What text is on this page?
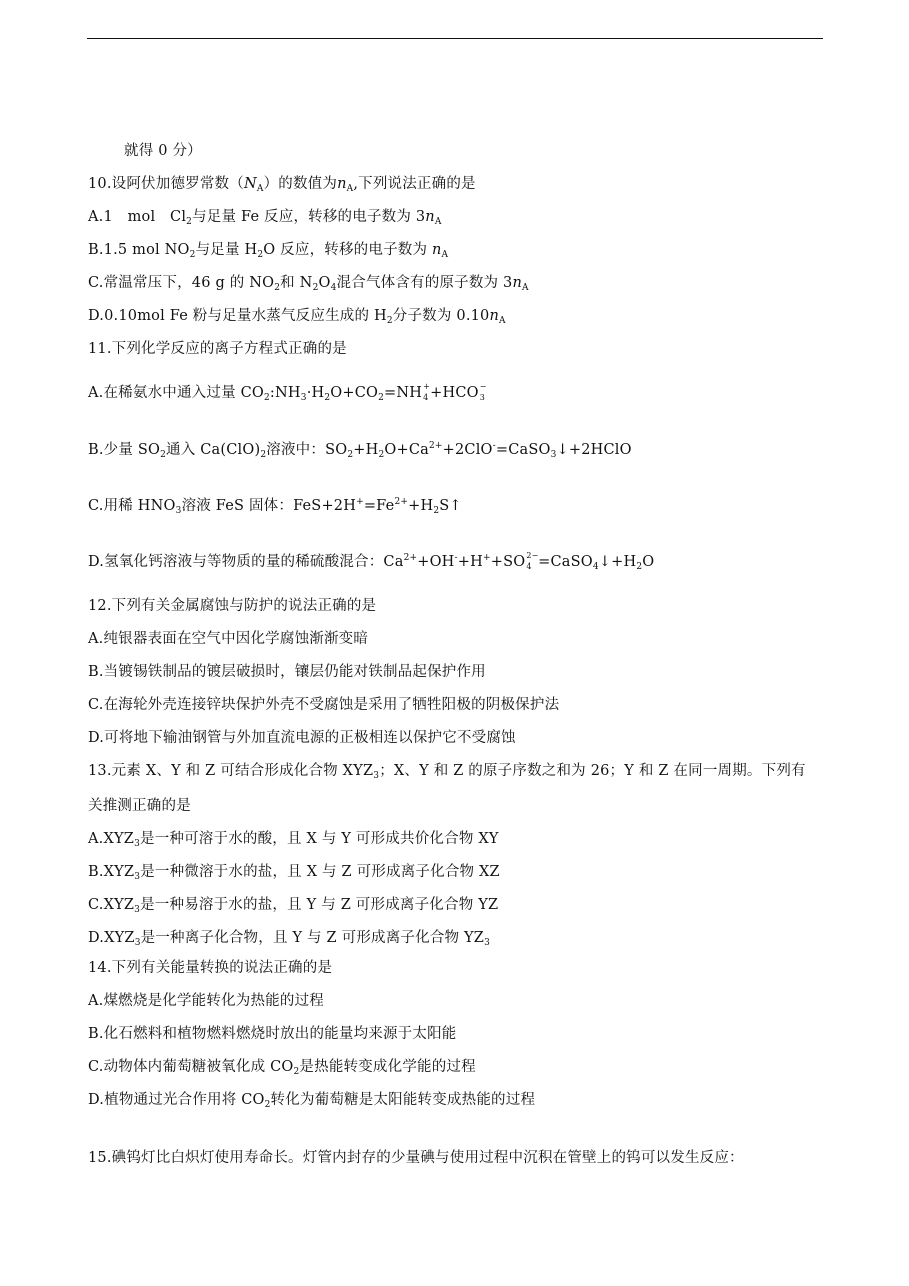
就得 0 分）
10.设阿伏加德罗常数$(N_A)$的数值为$n_A$,下列说法正确的是
A.1　mol　$Cl_2$与足量 Fe 反应，转移的电子数为 $3n_A$
B.1.5 mol $NO_2$与足量 $H_2O$ 反应，转移的电子数为 $n_A$
C.常温常压下，46 g 的 $NO_2$和 $N_2O_4$混合气体含有的原子数为 $3n_A$
D.0.10mol Fe 粉与足量水蒸气反应生成的 $H_2$分子数为 $0.10n_A$
11.下列化学反应的离子方程式正确的是
A.在稀氨水中通入过量 $CO_2:NH_3\cdot H_2O+CO_2=NH$ +
4 +HCO −
3
B.少量 $SO_2$通入 $Ca(ClO)_2$溶液中：$SO_2+H_2O+Ca^{2+}+2ClO^-=CaSO_3↓+2HClO$
C.用稀 $HNO_3$溶液 FeS 固体：$FeS+2H^+=Fe^{2+}+H_2S↑$
D.氢氧化钙溶液与等物质的量的稀硫酸混合：$Ca^{2+}+OH^-+H^++SO$ 2−
$4 =CaSO_4↓+H_2O$
12.下列有关金属腐蚀与防护的说法正确的是
A.纯银器表面在空气中因化学腐蚀渐渐变暗
B.当镀锡铁制品的镀层破损时，镶层仍能对铁制品起保护作用
C.在海轮外壳连接锌块保护外壳不受腐蚀是采用了牺牲阳极的阴极保护法
D.可将地下输油钢管与外加直流电源的正极相连以保护它不受腐蚀
13.元素 X、Y 和 Z 可结合形成化合物 $XYZ_3$；X、Y 和 Z 的原子序数之和为 26；Y 和 Z 在同一周期。下列有
关推测正确的是
$A.XYZ_3$是一种可溶于水的酸，且 X 与 Y 可形成共价化合物 XY
$B.XYZ_3$是一种微溶于水的盐，且 X 与 Z 可形成离子化合物 XZ
$C.XYZ_3$是一种易溶于水的盐，且 Y 与 Z 可形成离子化合物 YZ
$D.XYZ_3$是一种离子化合物，且 Y 与 Z 可形成离子化合物 $YZ_3$
14.下列有关能量转换的说法正确的是
A.煤燃烧是化学能转化为热能的过程
B.化石燃料和植物燃料燃烧时放出的能量均来源于太阳能
C.动物体内葡萄糖被氧化成 $CO_2$是热能转变成化学能的过程
D.植物通过光合作用将 $CO_2$转化为葡萄糖是太阳能转变成热能的过程
15.碘钨灯比白炽灯使用寿命长。灯管内封存的少量碘与使用过程中沉积在管壁上的钨可以发生反应：
